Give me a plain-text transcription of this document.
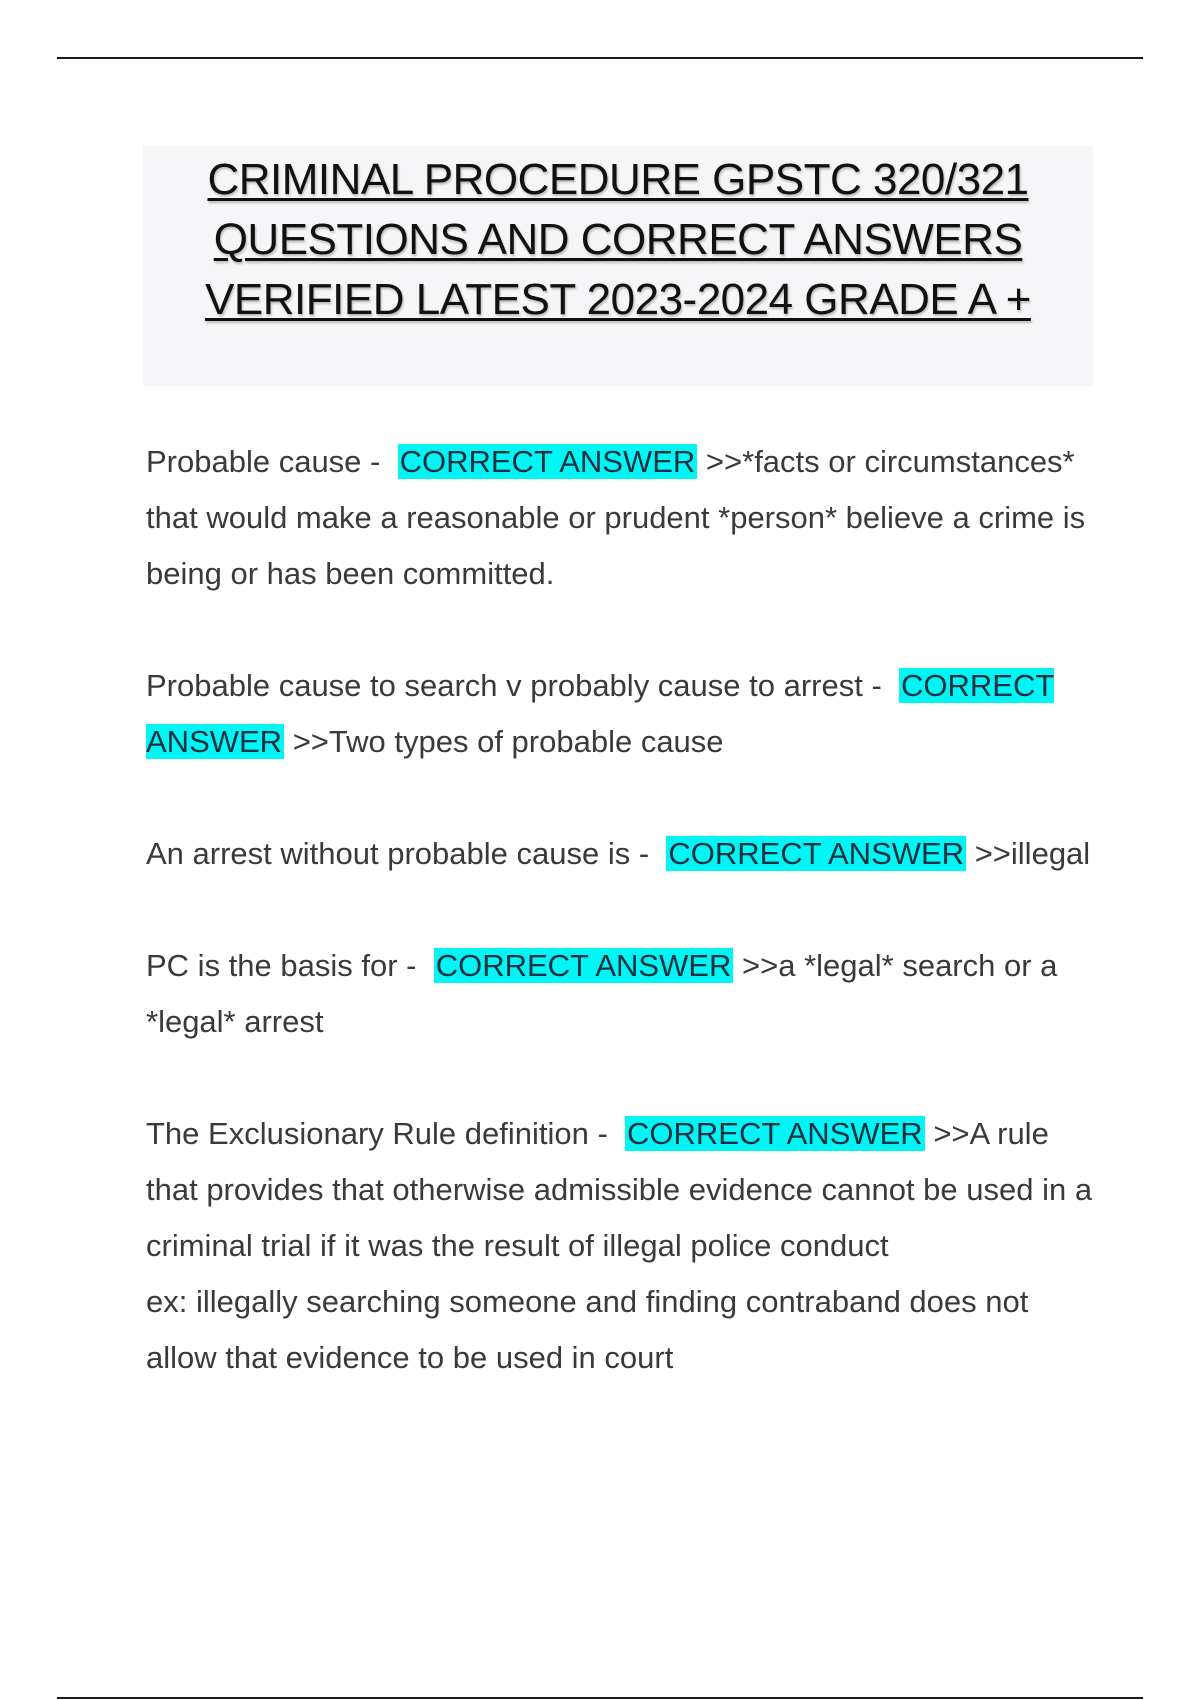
CRIMINAL PROCEDURE GPSTC 320/321
QUESTIONS AND CORRECT ANSWERS
VERIFIED LATEST 2023-2024 GRADE A +

Probable cause - CORRECT ANSWER >>*facts or circumstances* that would make a reasonable or prudent *person* believe a crime is being or has been committed.

Probable cause to search v probably cause to arrest - CORRECT ANSWER >>Two types of probable cause

An arrest without probable cause is - CORRECT ANSWER >>illegal

PC is the basis for - CORRECT ANSWER >>a *legal* search or a *legal* arrest

The Exclusionary Rule definition - CORRECT ANSWER >>A rule that provides that otherwise admissible evidence cannot be used in a criminal trial if it was the result of illegal police conduct
ex: illegally searching someone and finding contraband does not allow that evidence to be used in court
